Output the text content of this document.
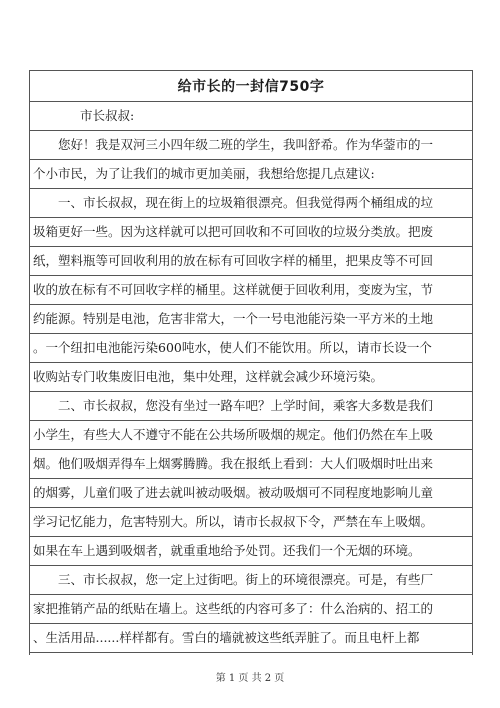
给市长的一封信750字
市长叔叔:
您好！我是双河三小四年级二班的学生，我叫舒希。作为华蓥市的一
个小市民，为了让我们的城市更加美丽，我想给您提几点建议:
一、市长叔叔，现在街上的垃圾箱很漂亮。但我觉得两个桶组成的垃
圾箱更好一些。因为这样就可以把可回收和不可回收的垃圾分类放。把废
纸，塑料瓶等可回收利用的放在标有可回收字样的桶里，把果皮等不可回
收的放在标有不可回收字样的桶里。这样就便于回收利用，变废为宝，节
约能源。特别是电池，危害非常大，一个一号电池能污染一平方米的土地
。一个纽扣电池能污染600吨水，使人们不能饮用。所以，请市长设一个
收购站专门收集废旧电池，集中处理，这样就会减少环境污染。
二、市长叔叔，您没有坐过一路车吧？上学时间，乘客大多数是我们
小学生，有些大人不遵守不能在公共场所吸烟的规定。他们仍然在车上吸
烟。他们吸烟弄得车上烟雾腾腾。我在报纸上看到：大人们吸烟时吐出来
的烟雾，儿童们吸了进去就叫被动吸烟。被动吸烟可不同程度地影响儿童
学习记忆能力，危害特别大。所以，请市长叔叔下令，严禁在车上吸烟。
如果在车上遇到吸烟者，就重重地给予处罚。还我们一个无烟的环境。
三、市长叔叔，您一定上过街吧。街上的环境很漂亮。可是，有些厂
家把推销产品的纸贴在墙上。这些纸的内容可多了：什么治病的、招工的
、生活用品......样样都有。雪白的墙就被这些纸弄脏了。而且电杆上都
第 1 页 共 2 页
